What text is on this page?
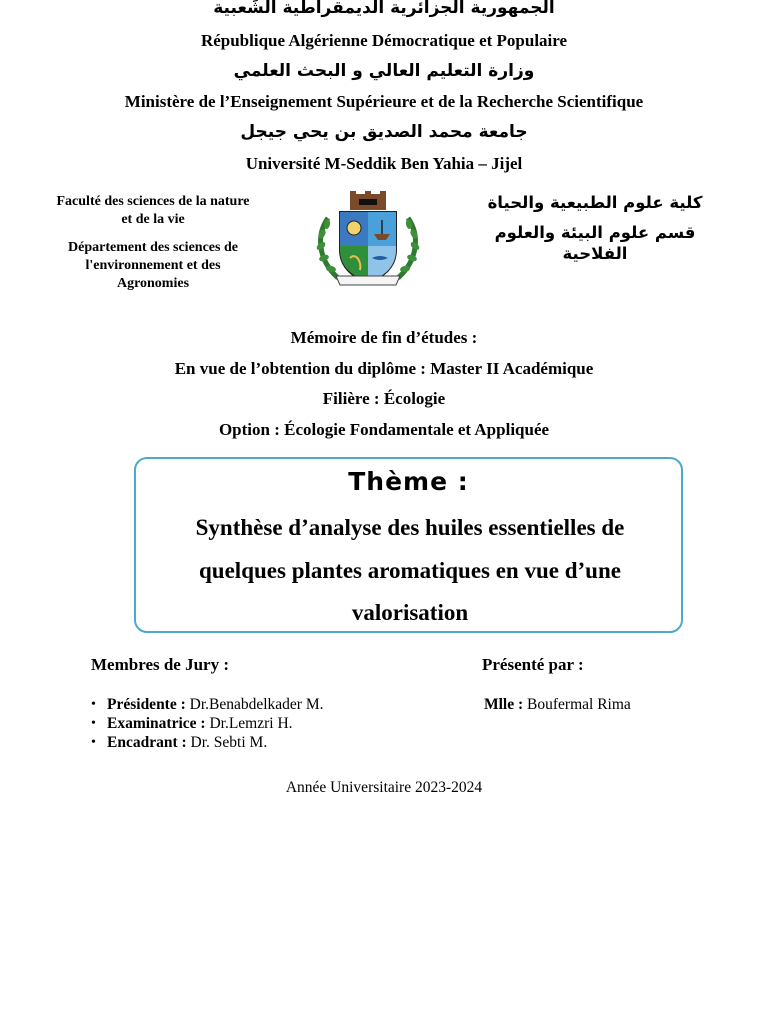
الجمهورية الجزائرية الديمقراطية الشَعبية
République Algérienne Démocratique et Populaire
وزارة التعليم العالي و البحث العلمي
Ministère de l’Enseignement Supérieure et de la Recherche Scientifique
جامعة محمد الصديق بن يحي جيجل
Université M-Seddik Ben Yahia – Jijel

Faculté des sciences de la nature et de la vie

Département des sciences de l'environnement et des Agronomies

كلية علوم الطبيعية والحياة

قسم علوم البيئة والعلوم الفلاحية

Mémoire de fin d’études :
En vue de l’obtention du diplôme : Master II Académique
Filière : Écologie
Option : Écologie Fondamentale et Appliquée
Thème :
Synthèse d’analyse des huiles essentielles de quelques plantes aromatiques en vue d’une valorisation
Membres de Jury :	Présenté par :
• Présidente : Dr.Benabdelkader M.
• Examinatrice : Dr.Lemzri H.
• Encadrant : Dr. Sebti M.
Mlle : Boufermal Rima
Année Universitaire 2023-2024
